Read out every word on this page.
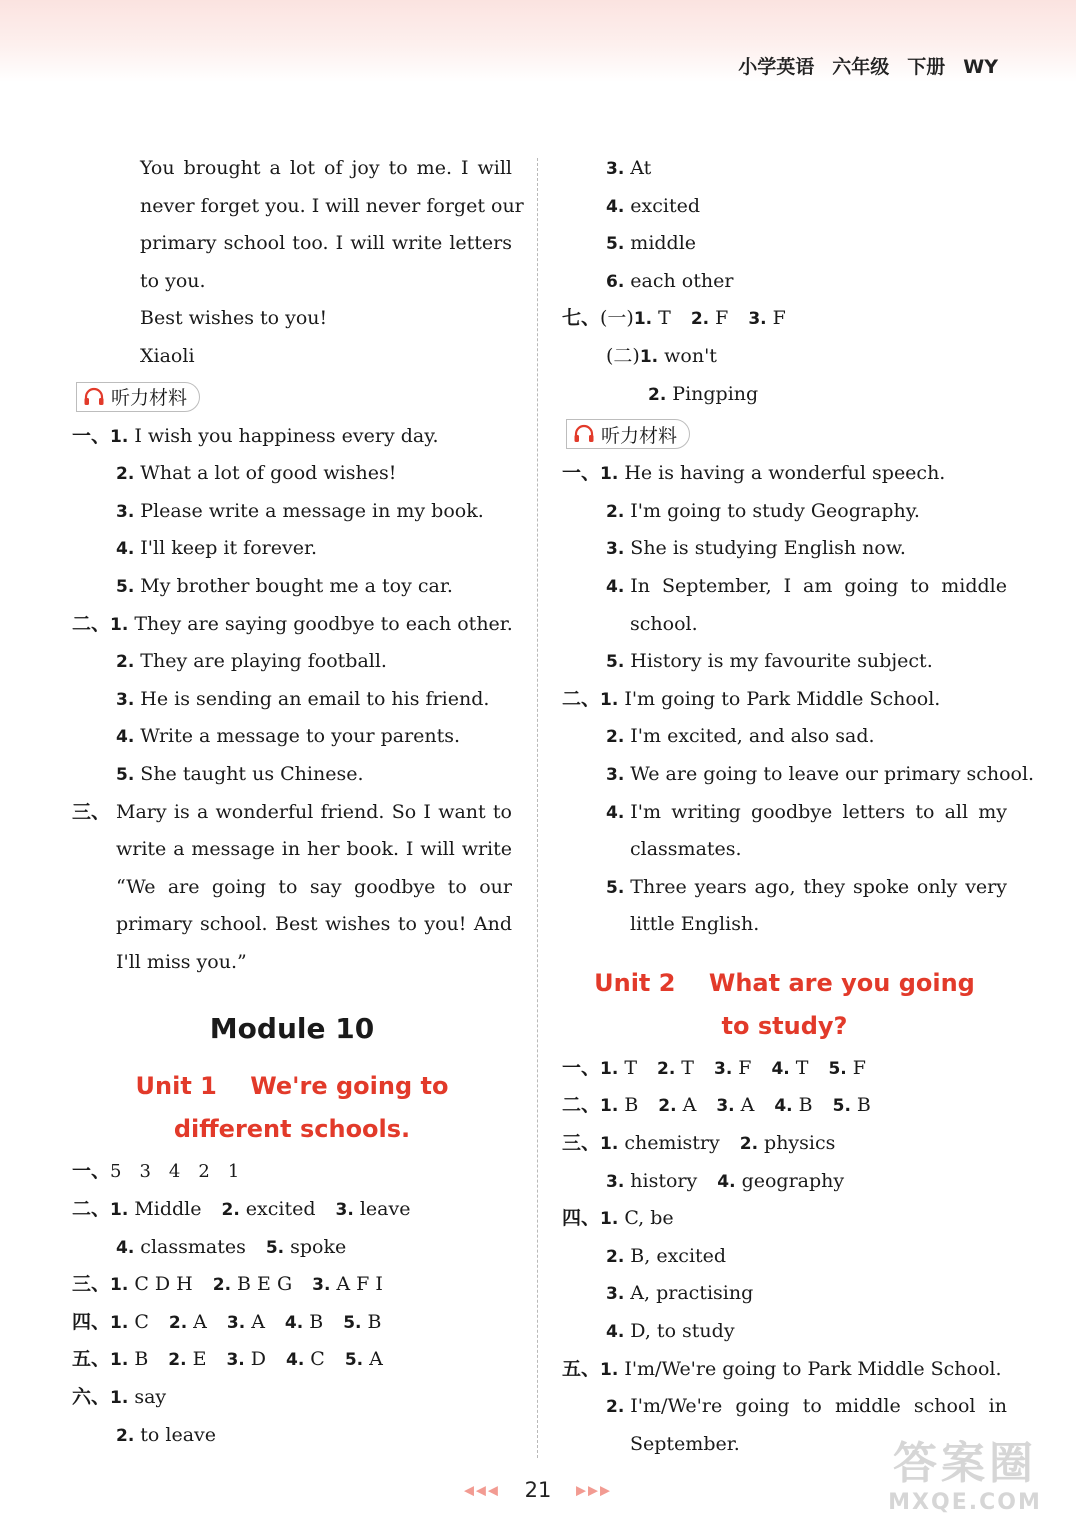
小学英语 六年级 下册 WY
You brought a lot of joy to me. I will
never forget you. I will never forget our
primary school too. I will write letters
to you.
Best wishes to you!
Xiaoli
听力材料
一、1. I wish you happiness every day.
2. What a lot of good wishes!
3. Please write a message in my book.
4. I'll keep it forever.
5. My brother bought me a toy car.
二、1. They are saying goodbye to each other.
2. They are playing football.
3. He is sending an email to his friend.
4. Write a message to your parents.
5. She taught us Chinese.
三、 Mary is a wonderful friend. So I want to
write a message in her book. I will write
“We are going to say goodbye to our
primary school. Best wishes to you! And
I'll miss you.”
Module 10
Unit 1    We're going to
different schools.
一、5　3　4　2　1
二、1. Middle 2. excited 3. leave
4. classmates 5. spoke
三、1. C D H 2. B E G 3. A F I
四、1. C 2. A 3. A 4. B 5. B
五、1. B 2. E 3. D 4. C 5. A
六、1. say
2. to leave
3. At
4. excited
5. middle
6. each other
七、(一)1. T 2. F 3. F
(二)1. won't
2. Pingping
听力材料
一、1. He is having a wonderful speech.
2. I'm going to study Geography.
3. She is studying English now.
4. In September, I am going to middle
school.
5. History is my favourite subject.
二、1. I'm going to Park Middle School.
2. I'm excited, and also sad.
3. We are going to leave our primary school.
4. I'm writing goodbye letters to all my
classmates.
5. Three years ago, they spoke only very
little English.
Unit 2    What are you going
to study?
一、1. T 2. T 3. F 4. T 5. F
二、1. B 2. A 3. A 4. B 5. B
三、1. chemistry 2. physics
3. history 4. geography
四、1. C, be
2. B, excited
3. A, practising
4. D, to study
五、1. I'm/We're going to Park Middle School.
2. I'm/We're going to middle school in
September.
◀◀◀ 21 ▶▶▶
答案圈
MXQE.COM
